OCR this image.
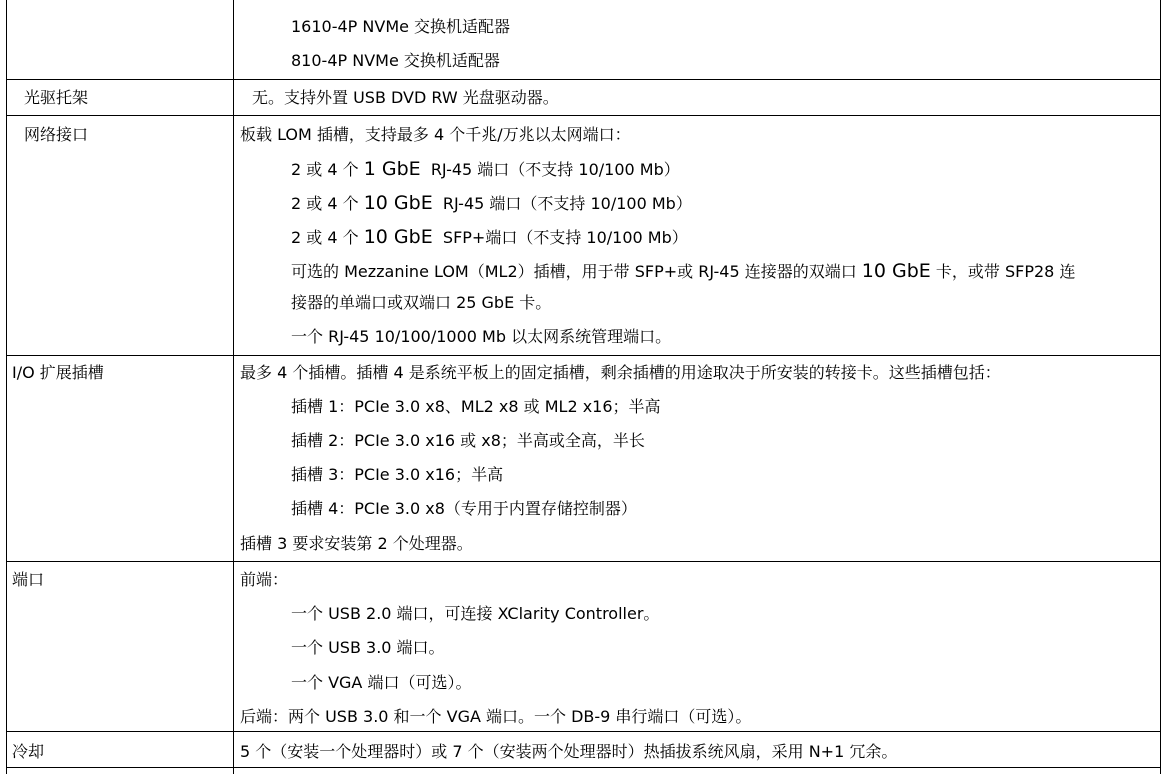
1610-4P NVMe 交换机适配器
810-4P NVMe 交换机适配器
光驱托架	无。支持外置 USB DVD RW 光盘驱动器。
网络接口	板载 LOM 插槽，支持最多 4 个千兆/万兆以太网端口：
2 或 4 个 1 GbE  RJ-45 端口（不支持 10/100 Mb）
2 或 4 个 10 GbE  RJ-45 端口（不支持 10/100 Mb）
2 或 4 个 10 GbE  SFP+端口（不支持 10/100 Mb）
可选的 Mezzanine LOM（ML2）插槽，用于带 SFP+或 RJ-45 连接器的双端口 10 GbE 卡，或带 SFP28 连
接器的单端口或双端口 25 GbE 卡。
一个 RJ-45 10/100/1000 Mb 以太网系统管理端口。
I/O 扩展插槽	最多 4 个插槽。插槽 4 是系统平板上的固定插槽，剩余插槽的用途取决于所安装的转接卡。这些插槽包括：
插槽 1：PCIe 3.0 x8、ML2 x8 或 ML2 x16；半高
插槽 2：PCIe 3.0 x16 或 x8；半高或全高，半长
插槽 3：PCIe 3.0 x16；半高
插槽 4：PCIe 3.0 x8（专用于内置存储控制器）
插槽 3 要求安装第 2 个处理器。
端口	前端：
一个 USB 2.0 端口，可连接 XClarity Controller。
一个 USB 3.0 端口。
一个 VGA 端口（可选）。
后端：两个 USB 3.0 和一个 VGA 端口。一个 DB-9 串行端口（可选）。
冷却	5 个（安装一个处理器时）或 7 个（安装两个处理器时）热插拔系统风扇，采用 N+1 冗余。
